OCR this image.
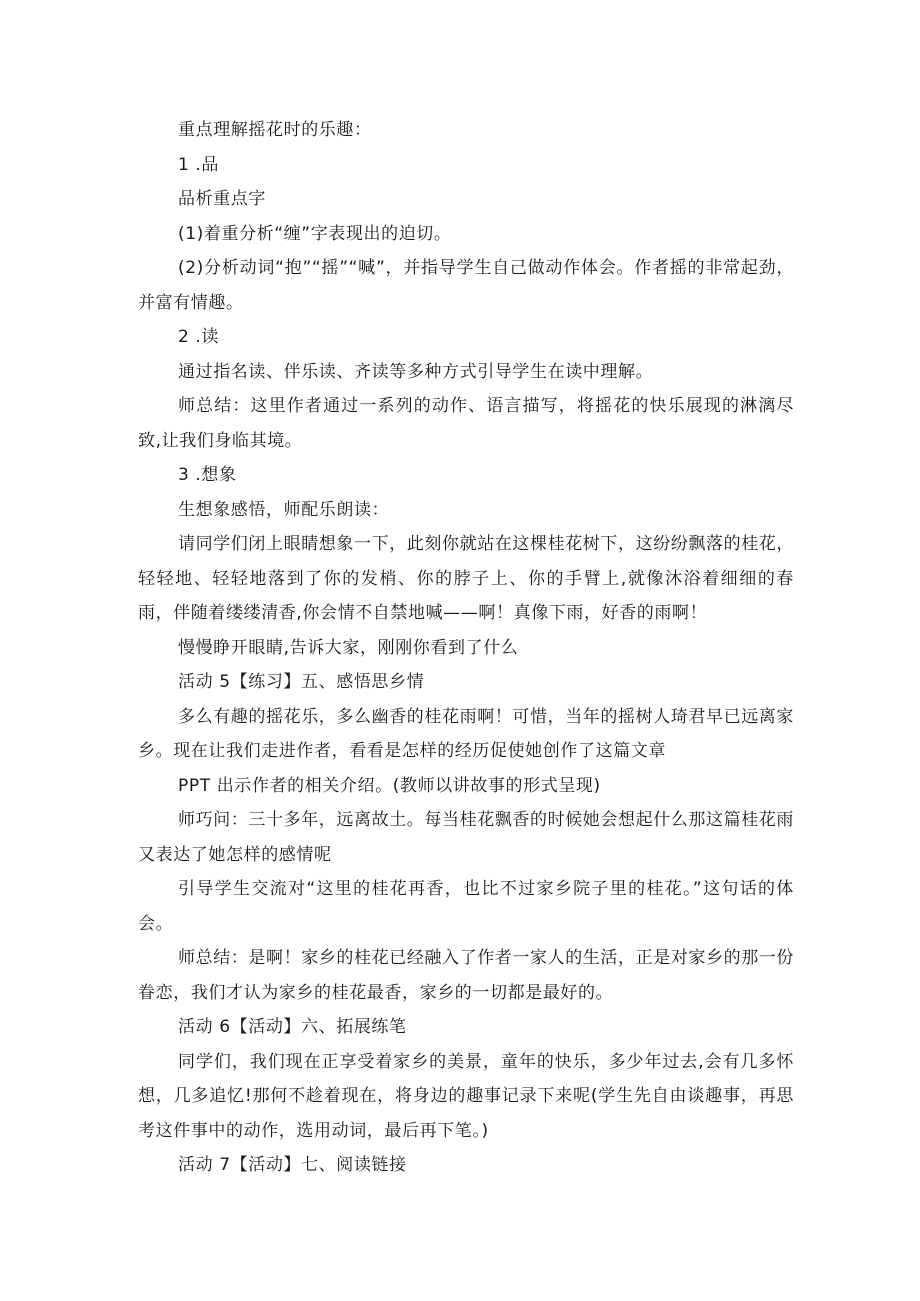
重点理解摇花时的乐趣：

1 .品

品析重点字

(1)着重分析“缠”字表现出的迫切。

(2)分析动词“抱”“摇”“喊”，并指导学生自己做动作体会。作者摇的非常起劲，并富有情趣。

2 .读

通过指名读、伴乐读、齐读等多种方式引导学生在读中理解。

师总结：这里作者通过一系列的动作、语言描写，将摇花的快乐展现的淋漓尽致,让我们身临其境。

3 .想象

生想象感悟，师配乐朗读：

请同学们闭上眼睛想象一下，此刻你就站在这棵桂花树下，这纷纷飘落的桂花，轻轻地、轻轻地落到了你的发梢、你的脖子上、你的手臂上,就像沐浴着细细的春雨，伴随着缕缕清香,你会情不自禁地喊——啊！真像下雨，好香的雨啊！

慢慢睁开眼睛,告诉大家，刚刚你看到了什么

活动 5【练习】五、感悟思乡情

多么有趣的摇花乐，多么幽香的桂花雨啊！可惜，当年的摇树人琦君早已远离家乡。现在让我们走进作者，看看是怎样的经历促使她创作了这篇文章

PPT 出示作者的相关介绍。(教师以讲故事的形式呈现)

师巧问：三十多年，远离故土。每当桂花飘香的时候她会想起什么那这篇桂花雨又表达了她怎样的感情呢

引导学生交流对“这里的桂花再香，也比不过家乡院子里的桂花。”这句话的体会。

师总结：是啊！家乡的桂花已经融入了作者一家人的生活，正是对家乡的那一份眷恋，我们才认为家乡的桂花最香，家乡的一切都是最好的。

活动 6【活动】六、拓展练笔

同学们，我们现在正享受着家乡的美景，童年的快乐，多少年过去,会有几多怀想，几多追忆!那何不趁着现在，将身边的趣事记录下来呢(学生先自由谈趣事，再思考这件事中的动作，选用动词，最后再下笔。)

活动 7【活动】七、阅读链接
